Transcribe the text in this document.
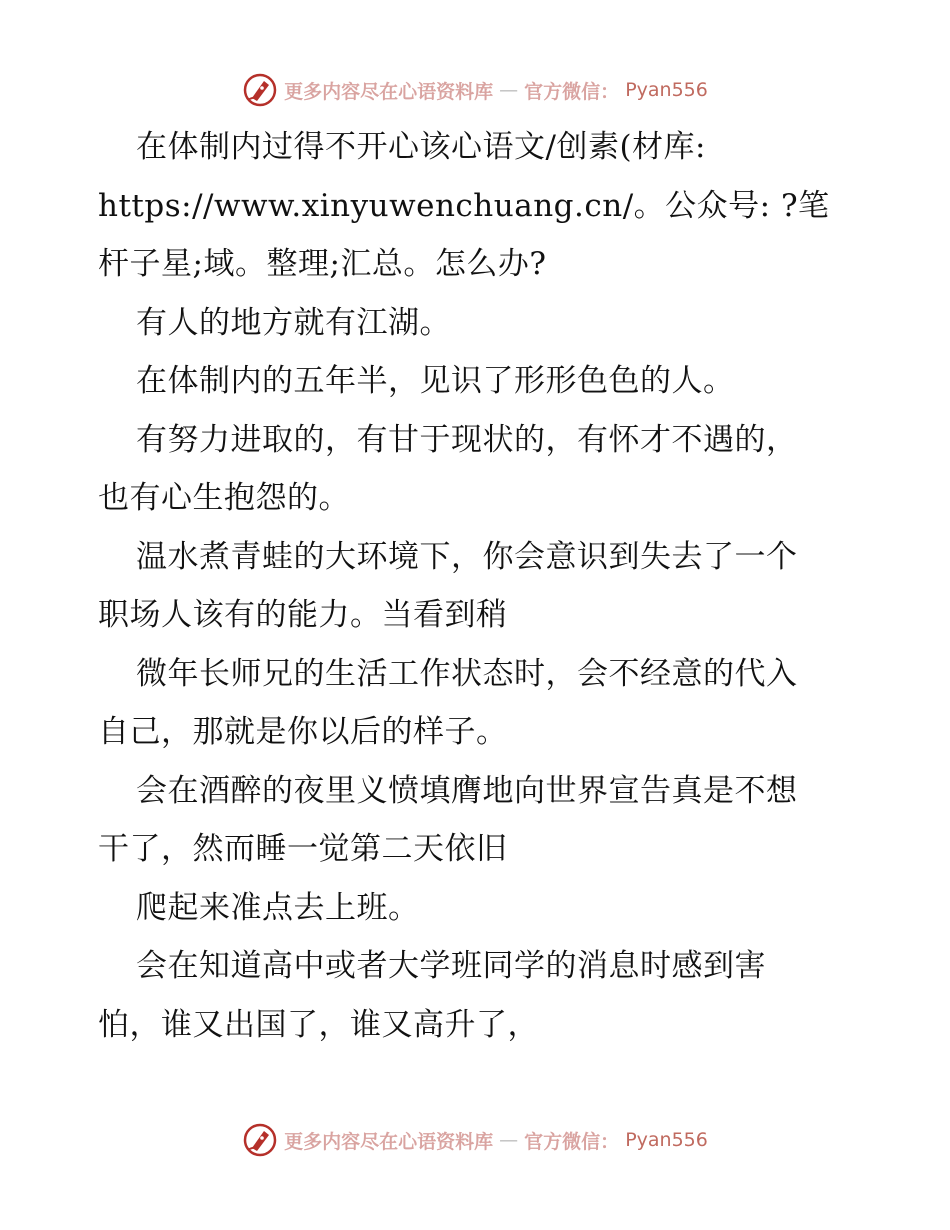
更多内容尽在心语资料库 — 官方微信： Pyan556
在体制内过得不开心该心语文/创素(材库:
https://www.xinyuwenchuang.cn/。公众号: ?笔
杆子星;域。整理;汇总。怎么办?
有人的地方就有江湖。
在体制内的五年半，见识了形形色色的人。
有努力进取的，有甘于现状的，有怀才不遇的，
也有心生抱怨的。
温水煮青蛙的大环境下，你会意识到失去了一个
职场人该有的能力。当看到稍
微年长师兄的生活工作状态时，会不经意的代入
自己，那就是你以后的样子。
会在酒醉的夜里义愤填膺地向世界宣告真是不想
干了，然而睡一觉第二天依旧
爬起来准点去上班。
会在知道高中或者大学班同学的消息时感到害
怕，谁又出国了，谁又高升了，
更多内容尽在心语资料库 — 官方微信： Pyan556
